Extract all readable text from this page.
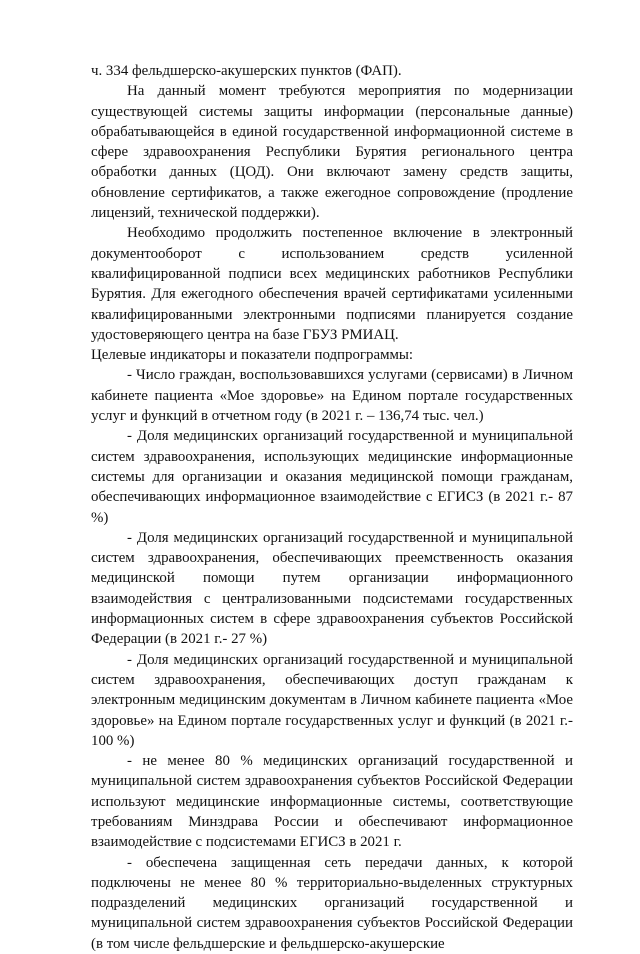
ч. 334 фельдшерско-акушерских пунктов (ФАП).

На данный момент требуются мероприятия по модернизации существующей системы защиты информации (персональные данные) обрабатывающейся в единой государственной информационной системе в сфере здравоохранения Республики Бурятия регионального центра обработки данных (ЦОД). Они включают замену средств защиты, обновление сертификатов, а также ежегодное сопровождение (продление лицензий, технической поддержки).

Необходимо продолжить постепенное включение в электронный документооборот с использованием средств усиленной квалифицированной подписи всех медицинских работников Республики Бурятия. Для ежегодного обеспечения врачей сертификатами усиленными квалифицированными электронными подписями планируется создание удостоверяющего центра на базе ГБУЗ РМИАЦ.

Целевые индикаторы и показатели подпрограммы:

- Число граждан, воспользовавшихся услугами (сервисами) в Личном кабинете пациента «Мое здоровье» на Едином портале государственных услуг и функций в отчетном году (в 2021 г. – 136,74 тыс. чел.)

- Доля медицинских организаций государственной и муниципальной систем здравоохранения, использующих медицинские информационные системы для организации и оказания медицинской помощи гражданам, обеспечивающих информационное взаимодействие с ЕГИСЗ (в 2021 г.- 87 %)

- Доля медицинских организаций государственной и муниципальной систем здравоохранения, обеспечивающих преемственность оказания медицинской помощи путем организации информационного взаимодействия с централизованными подсистемами государственных информационных систем в сфере здравоохранения субъектов Российской Федерации (в 2021 г.- 27 %)

- Доля медицинских организаций государственной и муниципальной систем здравоохранения, обеспечивающих доступ гражданам к электронным медицинским документам в Личном кабинете пациента «Мое здоровье» на Едином портале государственных услуг и функций (в 2021 г.- 100 %)

- не менее 80 % медицинских организаций государственной и муниципальной систем здравоохранения субъектов Российской Федерации используют медицинские информационные системы, соответствующие требованиям Минздрава России и обеспечивают информационное взаимодействие с подсистемами ЕГИСЗ в 2021 г.

- обеспечена защищенная сеть передачи данных, к которой подключены не менее 80 % территориально-выделенных структурных подразделений медицинских организаций государственной и муниципальной систем здравоохранения субъектов Российской Федерации (в том числе фельдшерские и фельдшерско-акушерские
